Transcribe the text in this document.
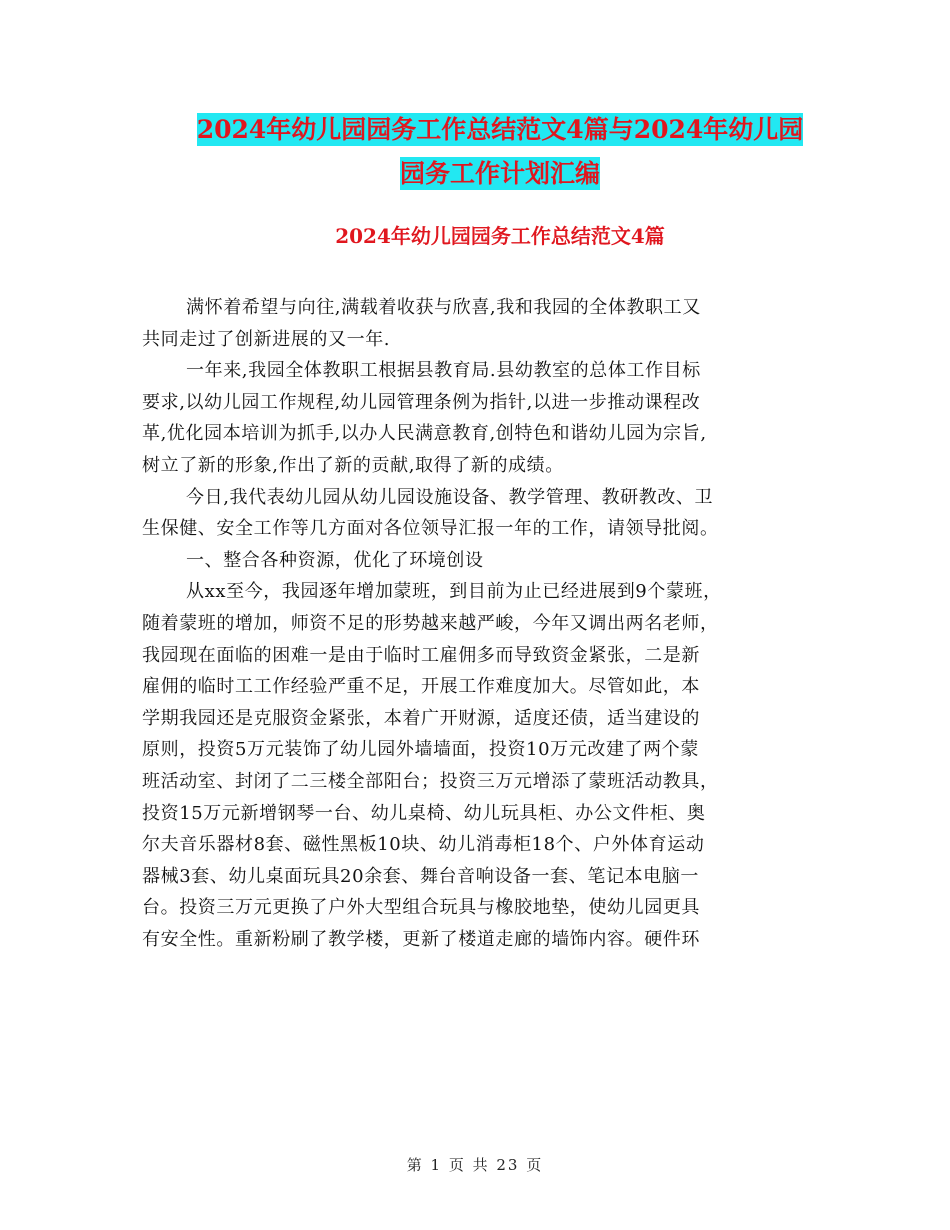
2024年幼儿园园务工作总结范文4篇与2024年幼儿园
园务工作计划汇编
2024年幼儿园园务工作总结范文4篇

满怀着希望与向往,满载着收获与欣喜,我和我园的全体教职工又
共同走过了创新进展的又一年.

一年来,我园全体教职工根据县教育局.县幼教室的总体工作目标
要求,以幼儿园工作规程,幼儿园管理条例为指针,以进一步推动课程改
革,优化园本培训为抓手,以办人民满意教育,创特色和谐幼儿园为宗旨,
树立了新的形象,作出了新的贡献,取得了新的成绩。

今日,我代表幼儿园从幼儿园设施设备、教学管理、教研教改、卫
生保健、安全工作等几方面对各位领导汇报一年的工作，请领导批阅。

一、整合各种资源，优化了环境创设

从xx至今，我园逐年增加蒙班，到目前为止已经进展到9个蒙班，
随着蒙班的增加，师资不足的形势越来越严峻，今年又调出两名老师，
我园现在面临的困难一是由于临时工雇佣多而导致资金紧张，二是新
雇佣的临时工工作经验严重不足，开展工作难度加大。尽管如此，本
学期我园还是克服资金紧张，本着广开财源，适度还债，适当建设的
原则，投资5万元装饰了幼儿园外墙墙面，投资10万元改建了两个蒙
班活动室、封闭了二三楼全部阳台；投资三万元增添了蒙班活动教具，
投资15万元新增钢琴一台、幼儿桌椅、幼儿玩具柜、办公文件柜、奥
尔夫音乐器材8套、磁性黑板10块、幼儿消毒柜18个、户外体育运动
器械3套、幼儿桌面玩具20余套、舞台音响设备一套、笔记本电脑一
台。投资三万元更换了户外大型组合玩具与橡胶地垫，使幼儿园更具
有安全性。重新粉刷了教学楼，更新了楼道走廊的墙饰内容。硬件环

第 1 页 共 23 页
